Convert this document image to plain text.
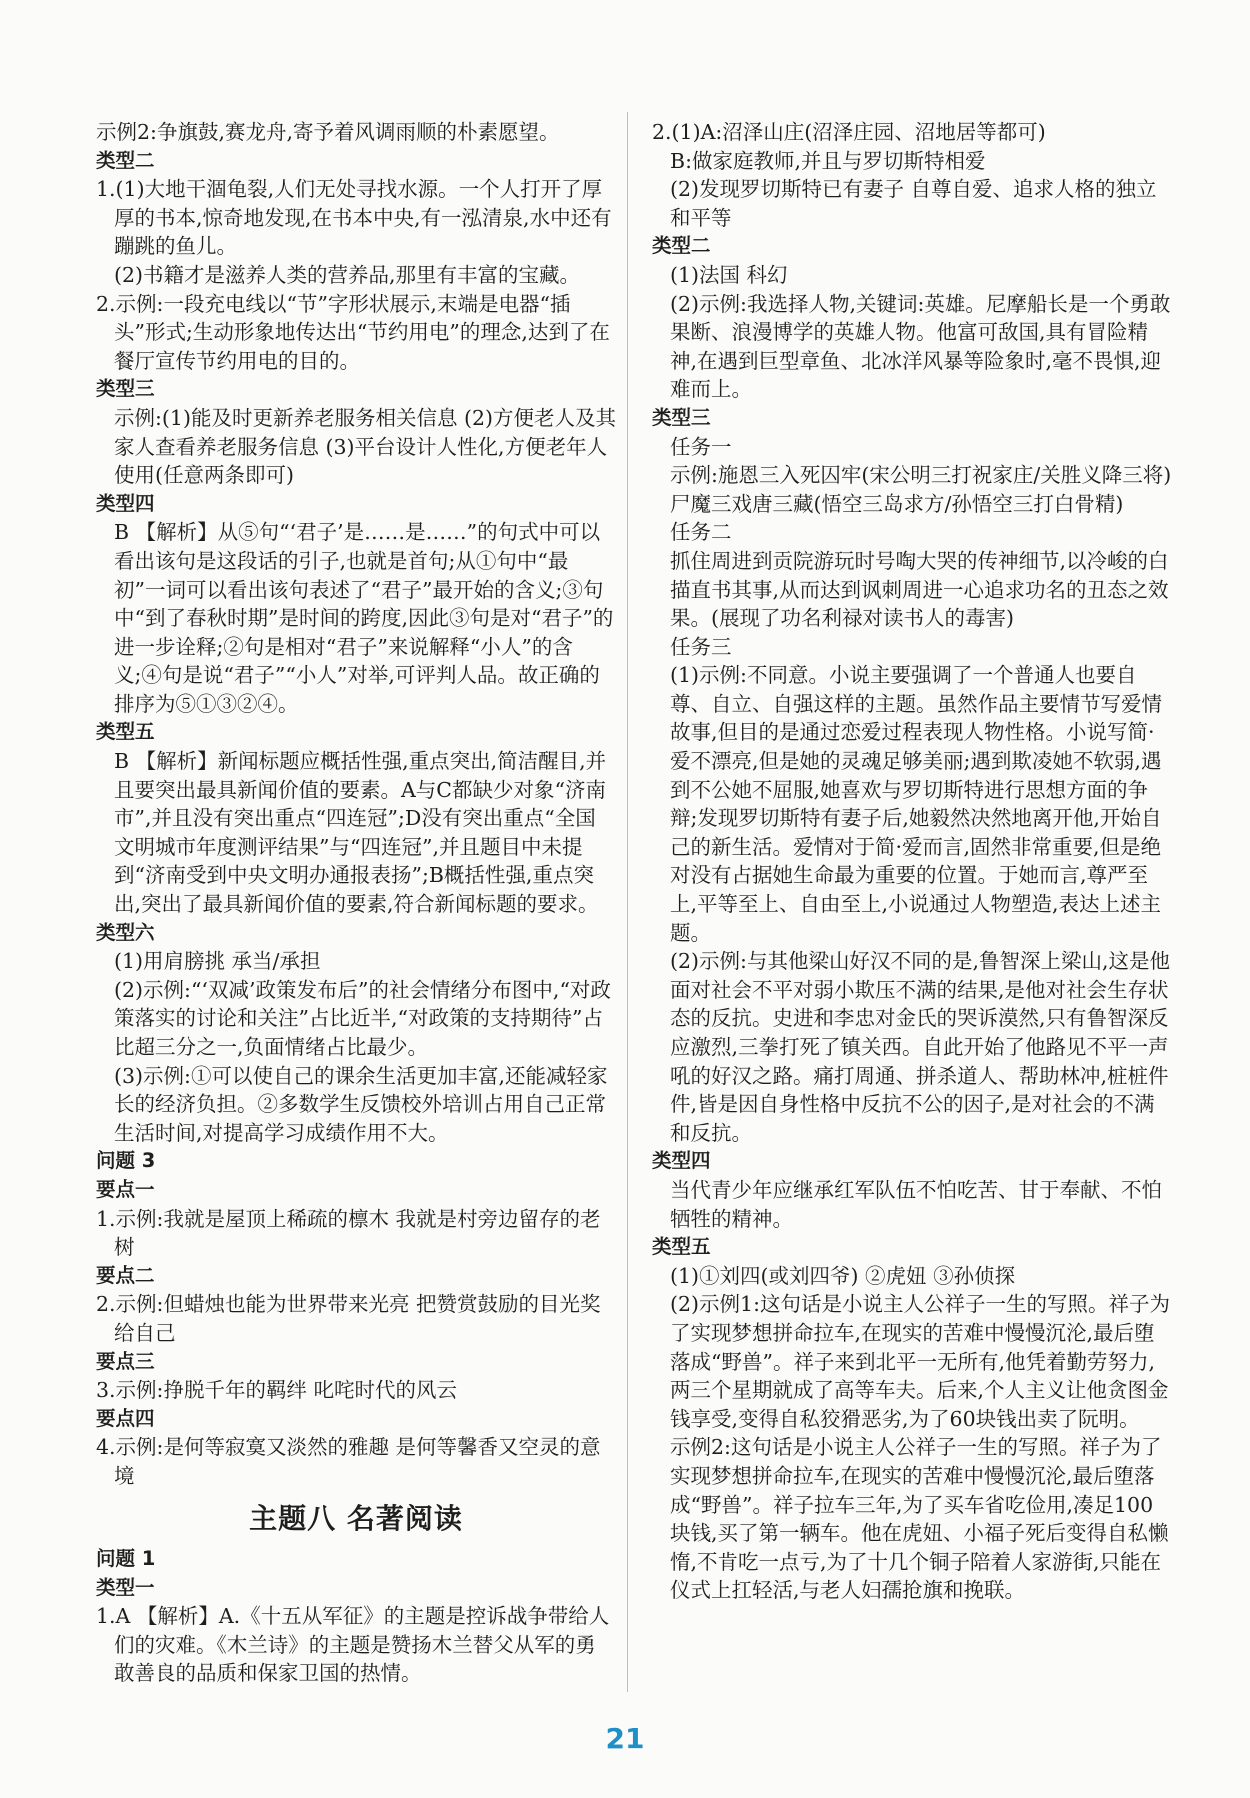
示例2:争旗鼓,赛龙舟,寄予着风调雨顺的朴素愿望。

类型二

1.(1)大地干涸龟裂,人们无处寻找水源。一个人打开了厚厚的书本,惊奇地发现,在书本中央,有一泓清泉,水中还有蹦跳的鱼儿。

(2)书籍才是滋养人类的营养品,那里有丰富的宝藏。

2.示例:一段充电线以“节”字形状展示,末端是电器“插头”形式;生动形象地传达出“节约用电”的理念,达到了在餐厅宣传节约用电的目的。

类型三

示例:(1)能及时更新养老服务相关信息 (2)方便老人及其家人查看养老服务信息 (3)平台设计人性化,方便老年人使用(任意两条即可)

类型四

B 【解析】从⑤句“‘君子’是……是……”的句式中可以看出该句是这段话的引子,也就是首句;从①句中“最初”一词可以看出该句表述了“君子”最开始的含义;③句中“到了春秋时期”是时间的跨度,因此③句是对“君子”的进一步诠释;②句是相对“君子”来说解释“小人”的含义;④句是说“君子”“小人”对举,可评判人品。故正确的排序为⑤①③②④。

类型五

B 【解析】新闻标题应概括性强,重点突出,简洁醒目,并且要突出最具新闻价值的要素。A与C都缺少对象“济南市”,并且没有突出重点“四连冠”;D没有突出重点“全国文明城市年度测评结果”与“四连冠”,并且题目中未提到“济南受到中央文明办通报表扬”;B概括性强,重点突出,突出了最具新闻价值的要素,符合新闻标题的要求。

类型六

(1)用肩膀挑 承当/承担

(2)示例:“‘双减’政策发布后”的社会情绪分布图中,“对政策落实的讨论和关注”占比近半,“对政策的支持期待”占比超三分之一,负面情绪占比最少。

(3)示例:①可以使自己的课余生活更加丰富,还能减轻家长的经济负担。②多数学生反馈校外培训占用自己正常生活时间,对提高学习成绩作用不大。

问题 3

要点一

1.示例:我就是屋顶上稀疏的檩木 我就是村旁边留存的老树

要点二

2.示例:但蜡烛也能为世界带来光亮 把赞赏鼓励的目光奖给自己

要点三

3.示例:挣脱千年的羁绊 叱咤时代的风云

要点四

4.示例:是何等寂寞又淡然的雅趣 是何等馨香又空灵的意境

主题八 名著阅读

问题 1

类型一

1.A 【解析】A.《十五从军征》的主题是控诉战争带给人们的灾难。《木兰诗》的主题是赞扬木兰替父从军的勇敢善良的品质和保家卫国的热情。

2.(1)A:沼泽山庄(沼泽庄园、沼地居等都可)

B:做家庭教师,并且与罗切斯特相爱

(2)发现罗切斯特已有妻子 自尊自爱、追求人格的独立和平等

类型二

(1)法国 科幻

(2)示例:我选择人物,关键词:英雄。尼摩船长是一个勇敢果断、浪漫博学的英雄人物。他富可敌国,具有冒险精神,在遇到巨型章鱼、北冰洋风暴等险象时,毫不畏惧,迎难而上。

类型三

任务一

示例:施恩三入死囚牢(宋公明三打祝家庄/关胜义降三将)尸魔三戏唐三藏(悟空三岛求方/孙悟空三打白骨精)

任务二

抓住周进到贡院游玩时号啕大哭的传神细节,以冷峻的白描直书其事,从而达到讽刺周进一心追求功名的丑态之效果。(展现了功名利禄对读书人的毒害)

任务三

(1)示例:不同意。小说主要强调了一个普通人也要自尊、自立、自强这样的主题。虽然作品主要情节写爱情故事,但目的是通过恋爱过程表现人物性格。小说写简·爱不漂亮,但是她的灵魂足够美丽;遇到欺凌她不软弱,遇到不公她不屈服,她喜欢与罗切斯特进行思想方面的争辩;发现罗切斯特有妻子后,她毅然决然地离开他,开始自己的新生活。爱情对于简·爱而言,固然非常重要,但是绝对没有占据她生命最为重要的位置。于她而言,尊严至上,平等至上、自由至上,小说通过人物塑造,表达上述主题。

(2)示例:与其他梁山好汉不同的是,鲁智深上梁山,这是他面对社会不平对弱小欺压不满的结果,是他对社会生存状态的反抗。史进和李忠对金氏的哭诉漠然,只有鲁智深反应激烈,三拳打死了镇关西。自此开始了他路见不平一声吼的好汉之路。痛打周通、拼杀道人、帮助林冲,桩桩件件,皆是因自身性格中反抗不公的因子,是对社会的不满和反抗。

类型四

当代青少年应继承红军队伍不怕吃苦、甘于奉献、不怕牺牲的精神。

类型五

(1)①刘四(或刘四爷) ②虎妞 ③孙侦探

(2)示例1:这句话是小说主人公祥子一生的写照。祥子为了实现梦想拼命拉车,在现实的苦难中慢慢沉沦,最后堕落成“野兽”。祥子来到北平一无所有,他凭着勤劳努力,两三个星期就成了高等车夫。后来,个人主义让他贪图金钱享受,变得自私狡猾恶劣,为了60块钱出卖了阮明。

示例2:这句话是小说主人公祥子一生的写照。祥子为了实现梦想拼命拉车,在现实的苦难中慢慢沉沦,最后堕落成“野兽”。祥子拉车三年,为了买车省吃俭用,凑足100块钱,买了第一辆车。他在虎妞、小福子死后变得自私懒惰,不肯吃一点亏,为了十几个铜子陪着人家游街,只能在仪式上扛轻活,与老人妇孺抢旗和挽联。

21
